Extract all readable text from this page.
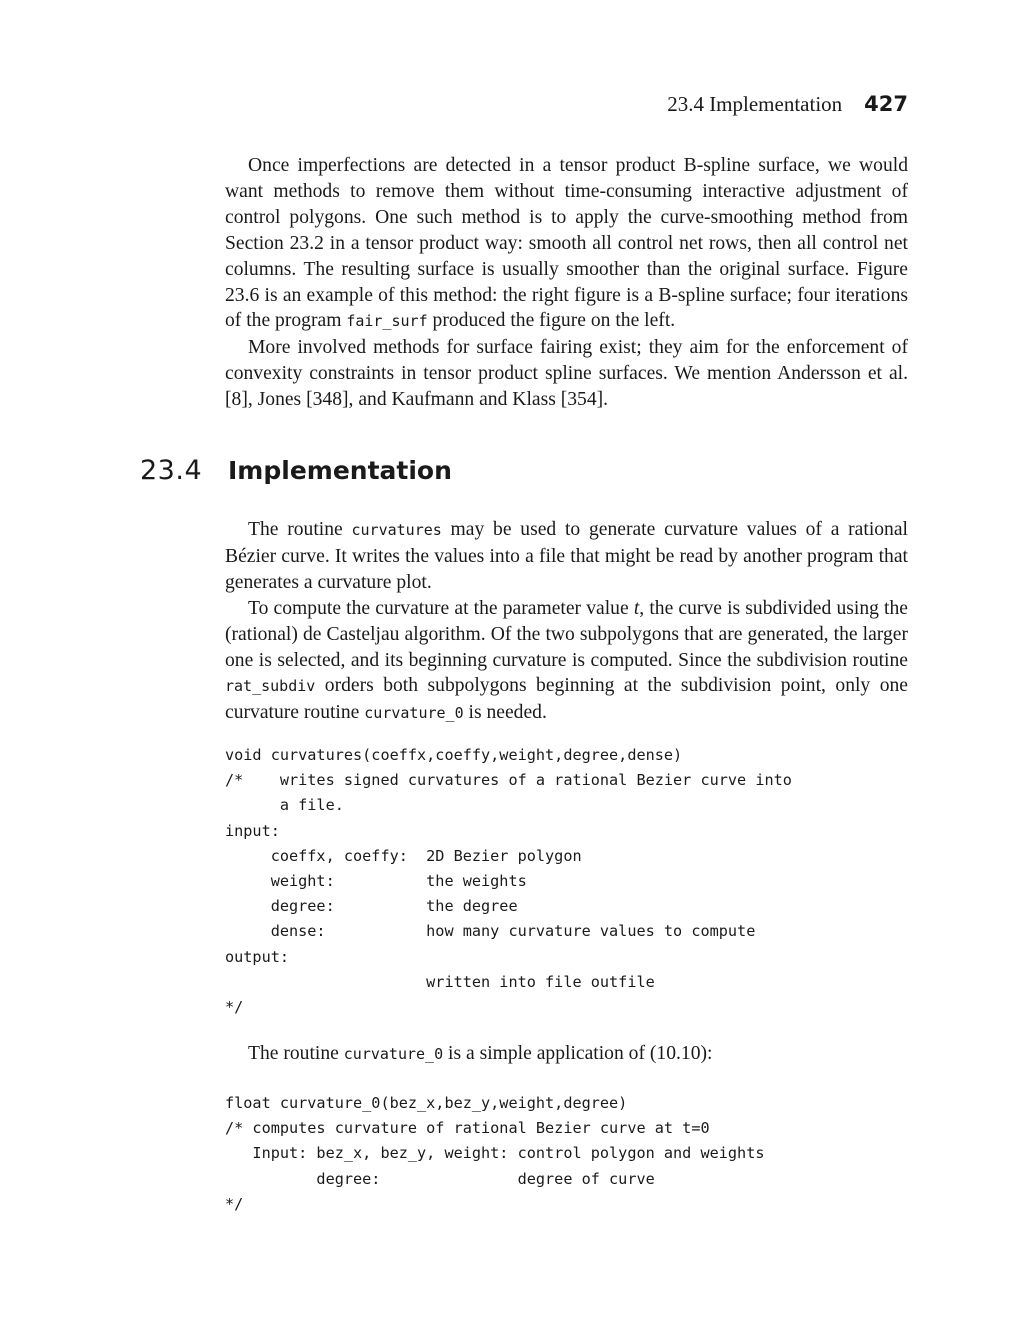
23.4 Implementation 427

Once imperfections are detected in a tensor product B-spline surface, we would want methods to remove them without time-consuming interactive adjustment of control polygons. One such method is to apply the curve-smoothing method from Section 23.2 in a tensor product way: smooth all control net rows, then all control net columns. The resulting surface is usually smoother than the original surface. Figure 23.6 is an example of this method: the right figure is a B-spline surface; four iterations of the program fair_surf produced the figure on the left.

More involved methods for surface fairing exist; they aim for the enforcement of convexity constraints in tensor product spline surfaces. We mention Andersson et al. [8], Jones [348], and Kaufmann and Klass [354].

23.4 Implementation

The routine curvatures may be used to generate curvature values of a rational Bézier curve. It writes the values into a file that might be read by another program that generates a curvature plot.

To compute the curvature at the parameter value t, the curve is subdivided using the (rational) de Casteljau algorithm. Of the two subpolygons that are generated, the larger one is selected, and its beginning curvature is computed. Since the subdivision routine rat_subdiv orders both subpolygons beginning at the subdivision point, only one curvature routine curvature_0 is needed.

void curvatures(coeffx,coeffy,weight,degree,dense)
/*    writes signed curvatures of a rational Bezier curve into
a file.
input:
coeffx, coeffy:  2D Bezier polygon
weight:          the weights
degree:          the degree
dense:           how many curvature values to compute
output:
written into file outfile
*/

The routine curvature_0 is a simple application of (10.10):

float curvature_0(bez_x,bez_y,weight,degree)
/* computes curvature of rational Bezier curve at t=0
Input: bez_x, bez_y, weight: control polygon and weights
degree:               degree of curve
*/
